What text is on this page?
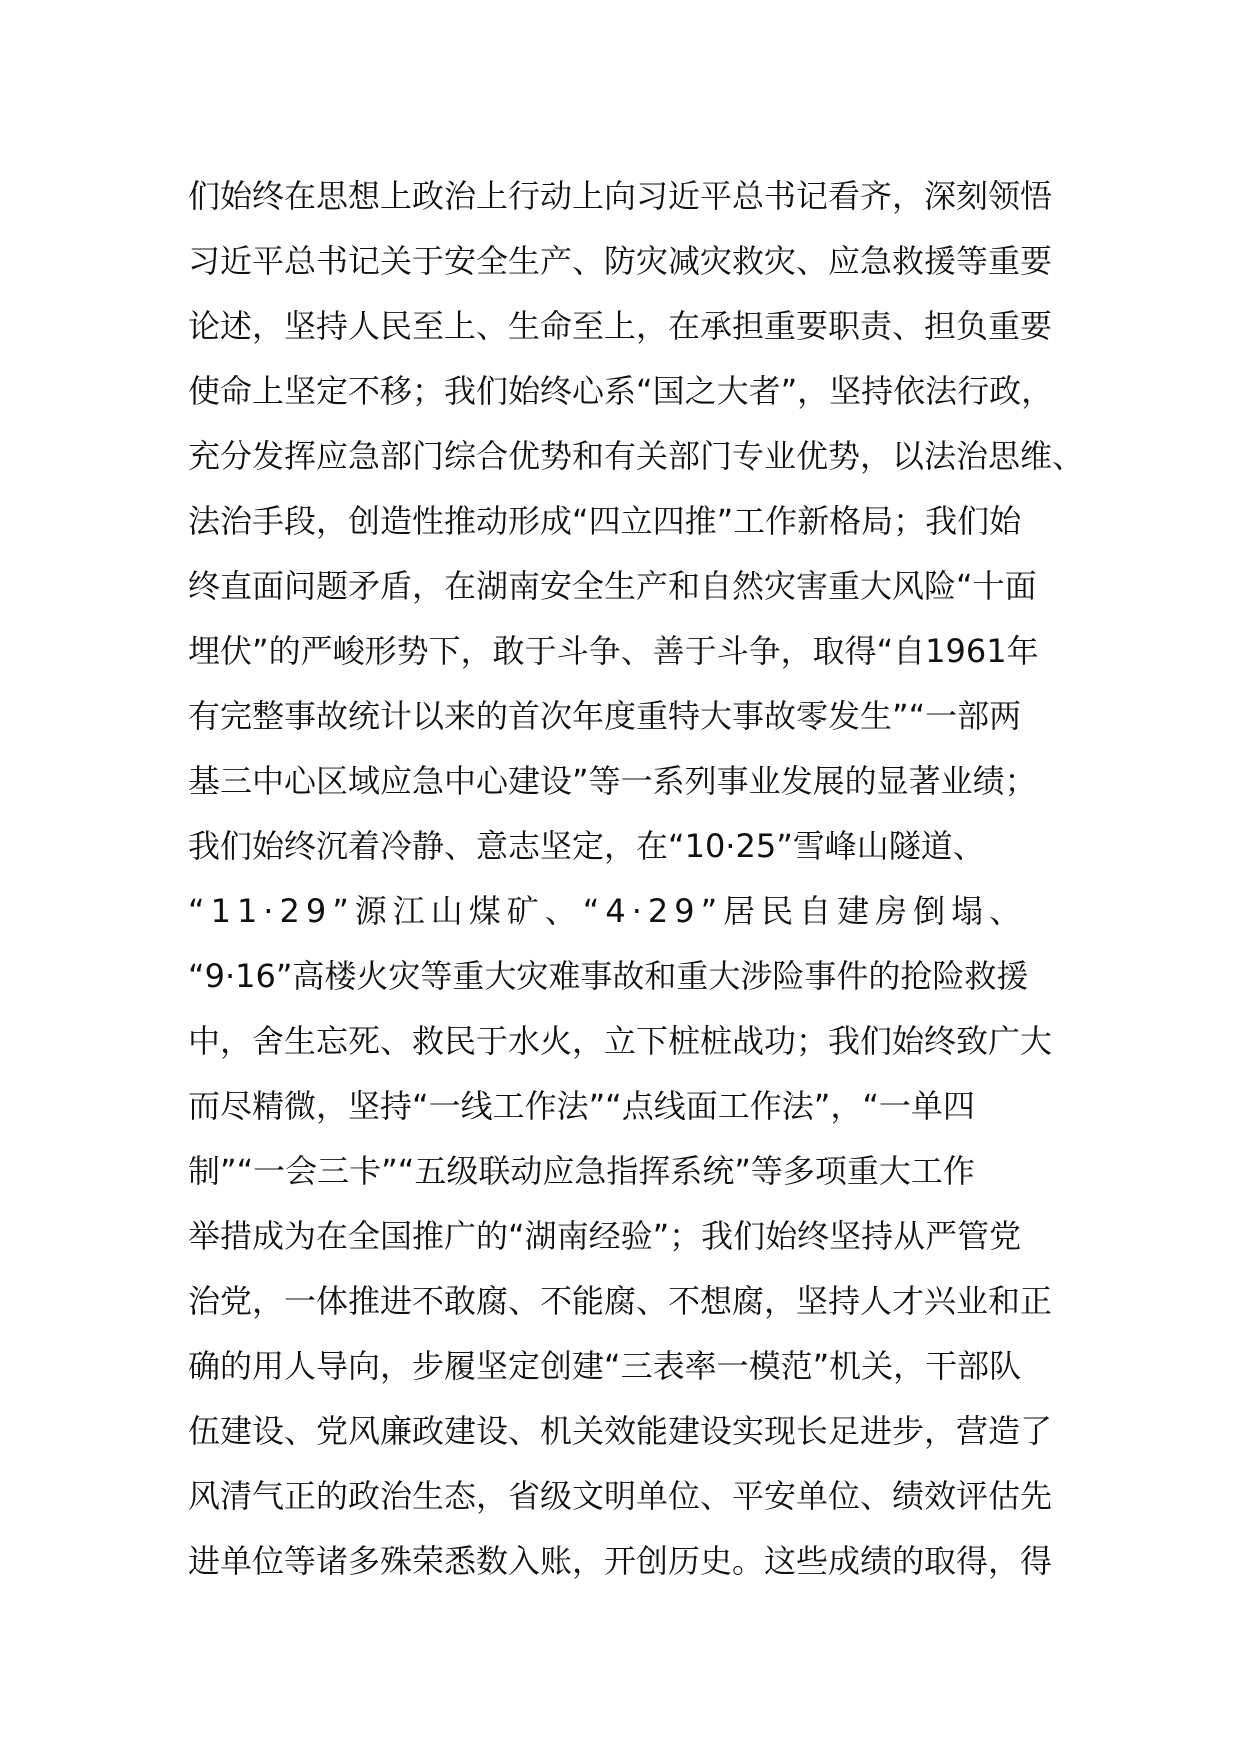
们始终在思想上政治上行动上向习近平总书记看齐，深刻领悟
习近平总书记关于安全生产、防灾减灾救灾、应急救援等重要
论述，坚持人民至上、生命至上，在承担重要职责、担负重要
使命上坚定不移；我们始终心系“国之大者”，坚持依法行政，
充分发挥应急部门综合优势和有关部门专业优势，以法治思维、
法治手段，创造性推动形成“四立四推”工作新格局；我们始
终直面问题矛盾，在湖南安全生产和自然灾害重大风险“十面
埋伏”的严峻形势下，敢于斗争、善于斗争，取得“自1961年
有完整事故统计以来的首次年度重特大事故零发生”“一部两
基三中心区域应急中心建设”等一系列事业发展的显著业绩；
我们始终沉着冷静、意志坚定，在“10·25”雪峰山隧道、
“11·29”源江山煤矿、“4·29”居民自建房倒塌、
“9·16”高楼火灾等重大灾难事故和重大涉险事件的抢险救援
中，舍生忘死、救民于水火，立下桩桩战功；我们始终致广大
而尽精微，坚持“一线工作法”“点线面工作法”，“一单四
制”“一会三卡”“五级联动应急指挥系统”等多项重大工作
举措成为在全国推广的“湖南经验”；我们始终坚持从严管党
治党，一体推进不敢腐、不能腐、不想腐，坚持人才兴业和正
确的用人导向，步履坚定创建“三表率一模范”机关，干部队
伍建设、党风廉政建设、机关效能建设实现长足进步，营造了
风清气正的政治生态，省级文明单位、平安单位、绩效评估先
进单位等诸多殊荣悉数入账，开创历史。这些成绩的取得，得
